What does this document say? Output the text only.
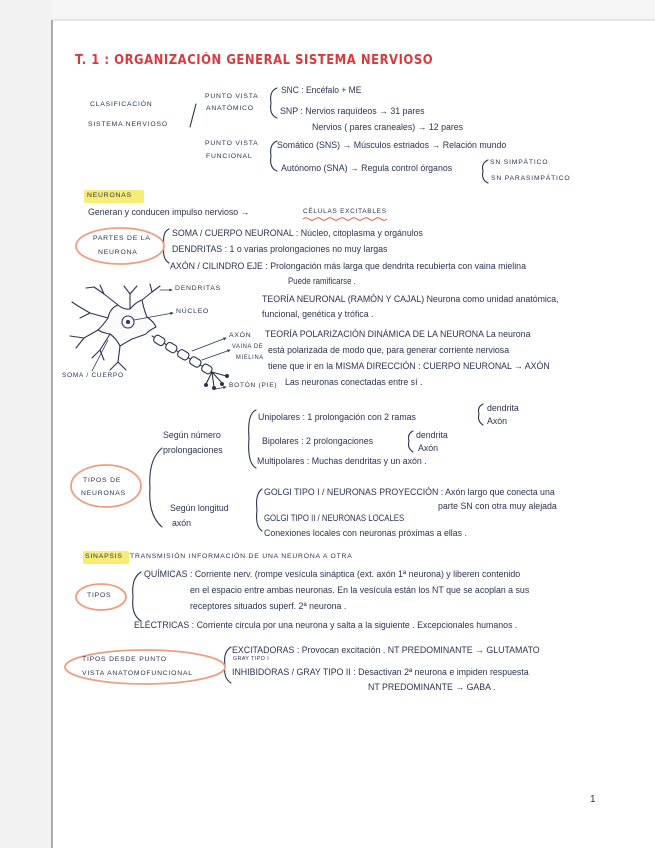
T. 1 : ORGANIZACIÓN GENERAL SISTEMA NERVIOSO
CLASIFICACIÓN
SISTEMA NERVIOSO
PUNTO VISTA
ANATÓMICO
SNC : Encéfalo + ME
SNP : Nervios raquídeos → 31 pares
Nervios ( pares craneales) → 12 pares
PUNTO VISTA
FUNCIONAL
Somático (SNS) → Músculos estriados → Relación mundo
Autónomo (SNA) → Regula control órganos
SN SIMPÁTICO
SN PARASIMPÁTICO
NEURONAS
Generan y conducen impulso nervioso →	CÉLULAS EXCITABLES
PARTES DE LA
NEURONA
SOMA / CUERPO NEURONAL : Núcleo, citoplasma y orgánulos
DENDRITAS : 1 o varias prolongaciones no muy largas
AXÓN / CILINDRO EJE : Prolongación más larga que dendrita recubierta con vaina mielina
Puede ramificarse .
DENDRITAS
NÚCLEO
AXÓN
VAINA DE
MIELINA
SOMA / CUERPO
BOTÓN (PIE)
TEORÍA NEURONAL (RAMÓN Y CAJAL) Neurona como unidad anatómica,
funcional, genética y trófica .
TEORÍA POLARIZACIÓN DINÁMICA DE LA NEURONA La neurona
está polarizada de modo que, para generar corriente nerviosa
tiene que ir en la MISMA DIRECCIÓN : CUERPO NEURONAL → AXÓN
Las neuronas conectadas entre sí .
Según número
prolongaciones
Unipolares : 1 prolongación con 2 ramas
dendrita
Axón
Bipolares : 2 prolongaciones
dendrita
Axón
Multipolares : Muchas dendritas y un axón .
TIPOS DE
NEURONAS
Según longitud
axón
GOLGI TIPO I / NEURONAS PROYECCIÓN : Axón largo que conecta una
parte SN con otra muy alejada
GOLGI TIPO II / NEURONAS LOCALES
Conexiones locales con neuronas próximas a ellas .
SINAPSIS	TRANSMISIÓN INFORMACIÓN DE UNA NEURONA A OTRA
TIPOS
QUÍMICAS : Corriente nerv. (rompe vesícula sináptica (ext. axón 1ª neurona) y liberen contenido
en el espacio entre ambas neuronas. En la vesícula están los NT que se acoplan a sus
receptores situados superf. 2ª neurona .
ELÉCTRICAS : Corriente circula por una neurona y salta a la siguiente . Excepcionales humanos .
TIPOS DESDE PUNTO
VISTA ANATOMOFUNCIONAL
EXCITADORAS : Provocan excitación . NT PREDOMINANTE → GLUTAMATO
GRAY TIPO I
INHIBIDORAS / GRAY TIPO II : Desactivan 2ª neurona e impiden respuesta
NT PREDOMINANTE → GABA .
1
